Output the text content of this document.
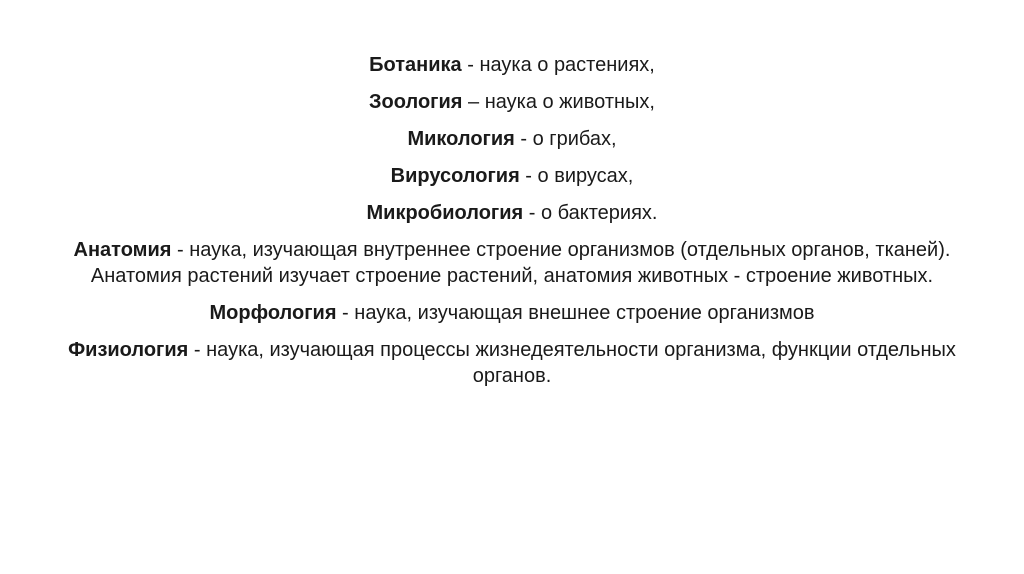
Ботаника - наука о растениях,

Зоология – наука о животных,

Микология - о грибах,

Вирусология - о вирусах,

Микробиология - о бактериях.

Анатомия - наука, изучающая внутреннее строение организмов (отдельных органов, тканей). Анатомия растений изучает строение растений, анатомия животных - строение животных.

Морфология - наука, изучающая внешнее строение организмов

Физиология - наука, изучающая процессы жизнедеятельности организма, функции отдельных органов.
